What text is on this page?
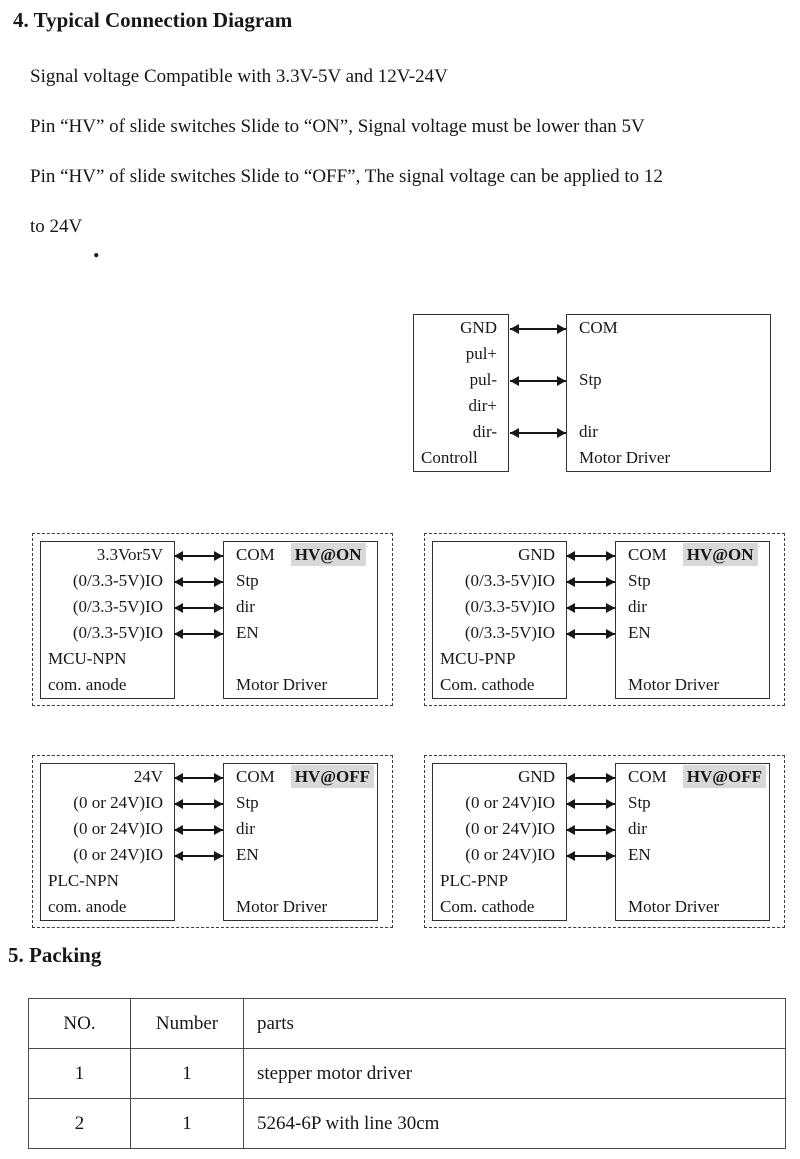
4. Typical Connection Diagram
Signal voltage Compatible with 3.3V-5V and 12V-24V
Pin “HV” of slide switches Slide to “ON”, Signal voltage must be lower than 5V
Pin “HV” of slide switches Slide to “OFF”, The signal voltage can be applied to 12
to 24V
.
GND
pul+
pul-
dir+
dir-
Controll
COM
Stp
dir
Motor Driver
3.3Vor5V
(0/3.3-5V)IO
(0/3.3-5V)IO
(0/3.3-5V)IO
MCU-NPN
com. anode
COM HV@ON
Stp
dir
EN
Motor Driver
GND
(0/3.3-5V)IO
(0/3.3-5V)IO
(0/3.3-5V)IO
MCU-PNP
Com. cathode
COM HV@ON
Stp
dir
EN
Motor Driver
24V
(0 or 24V)IO
(0 or 24V)IO
(0 or 24V)IO
PLC-NPN
com. anode
COM HV@OFF
Stp
dir
EN
Motor Driver
GND
(0 or 24V)IO
(0 or 24V)IO
(0 or 24V)IO
PLC-PNP
Com. cathode
COM HV@OFF
Stp
dir
EN
Motor Driver
5. Packing
NO.	Number	parts
1	1	stepper motor driver
2	1	5264-6P with line 30cm
